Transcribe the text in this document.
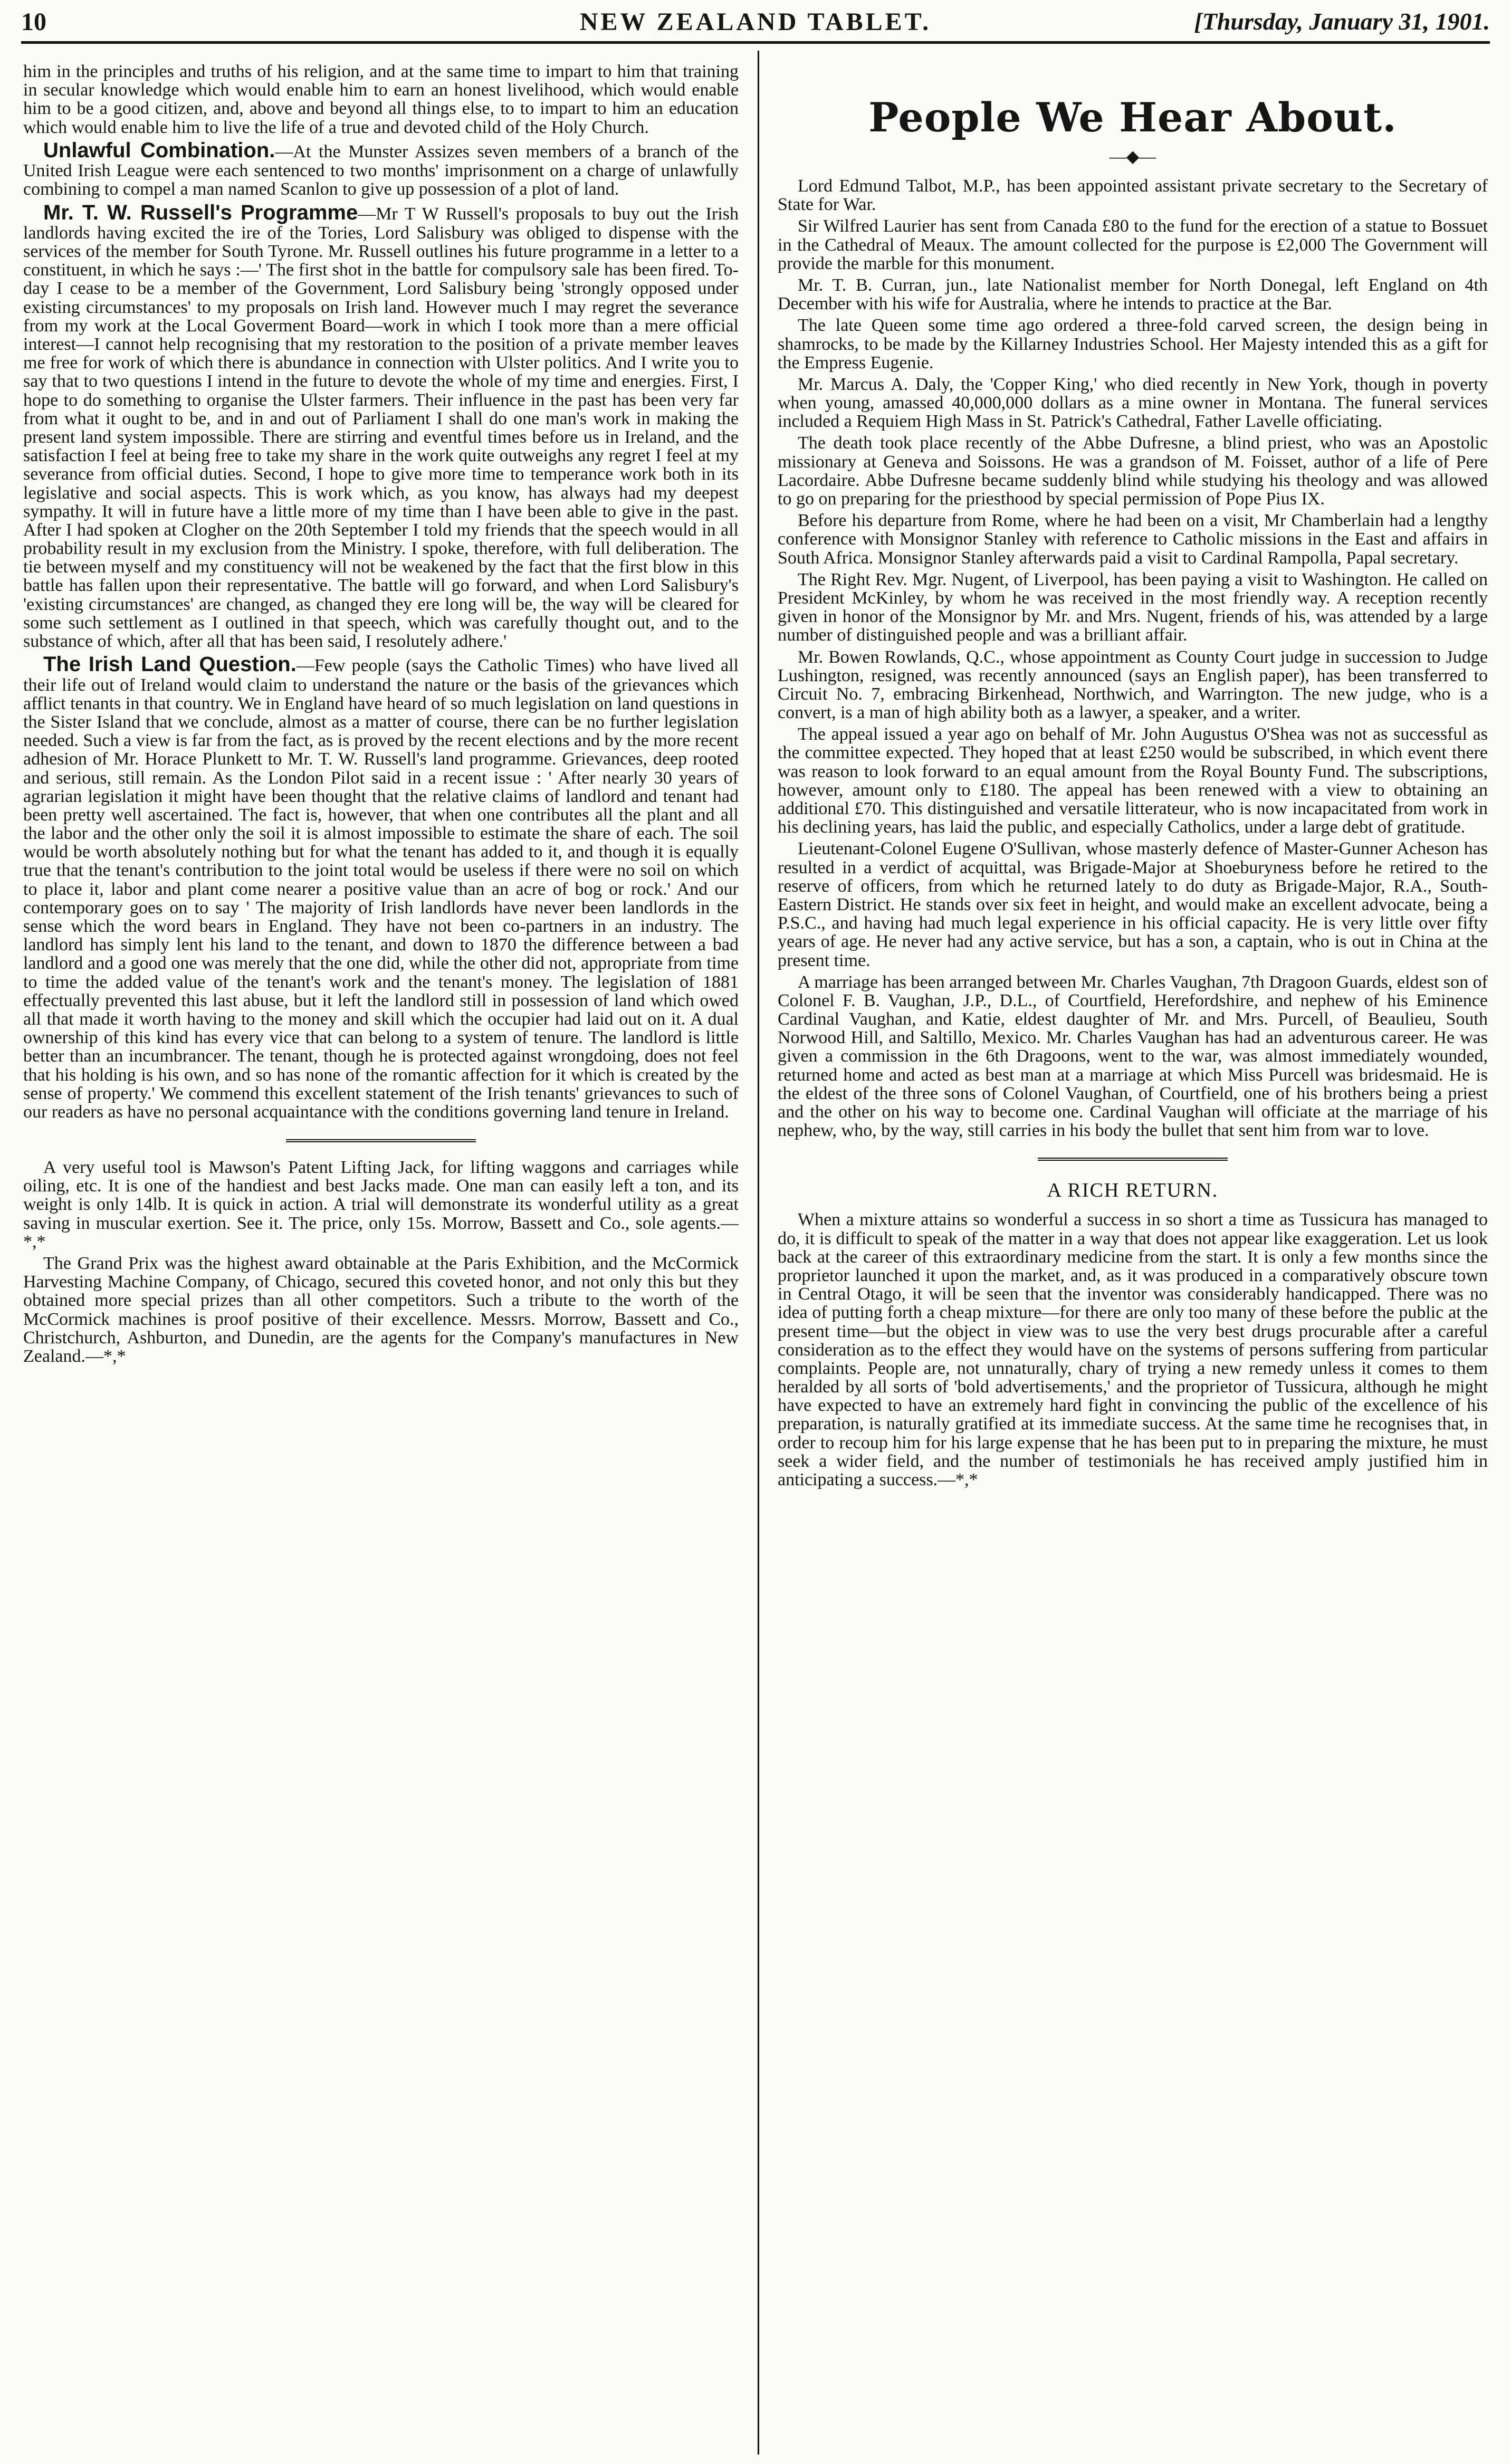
10	NEW ZEALAND TABLET.	[Thursday, January 31, 1901.

him in the principles and truths of his religion, and at the same time to impart to him that training in secular knowledge which would enable him to earn an honest livelihood, which would enable him to be a good citizen, and, above and beyond all things else, to to impart to him an education which would enable him to live the life of a true and devoted child of the Holy Church.

Unlawful Combination.—At the Munster Assizes seven members of a branch of the United Irish League were each sentenced to two months' imprisonment on a charge of unlawfully combining to compel a man named Scanlon to give up possession of a plot of land.

Mr. T. W. Russell's Programme—Mr T W Russell's proposals to buy out the Irish landlords having excited the ire of the Tories, Lord Salisbury was obliged to dispense with the services of the member for South Tyrone. Mr. Russell outlines his future programme in a letter to a constituent, in which he says :—' The first shot in the battle for compulsory sale has been fired. To-day I cease to be a member of the Government, Lord Salisbury being 'strongly opposed under existing circumstances' to my proposals on Irish land. However much I may regret the severance from my work at the Local Goverment Board—work in which I took more than a mere official interest—I cannot help recognising that my restoration to the position of a private member leaves me free for work of which there is abundance in connection with Ulster politics. And I write you to say that to two questions I intend in the future to devote the whole of my time and energies. First, I hope to do something to organise the Ulster farmers. Their influence in the past has been very far from what it ought to be, and in and out of Parliament I shall do one man's work in making the present land system impossible. There are stirring and eventful times before us in Ireland, and the satisfaction I feel at being free to take my share in the work quite outweighs any regret I feel at my severance from official duties. Second, I hope to give more time to temperance work both in its legislative and social aspects. This is work which, as you know, has always had my deepest sympathy. It will in future have a little more of my time than I have been able to give in the past. After I had spoken at Clogher on the 20th September I told my friends that the speech would in all probability result in my exclusion from the Ministry. I spoke, therefore, with full deliberation. The tie between myself and my constituency will not be weakened by the fact that the first blow in this battle has fallen upon their representative. The battle will go forward, and when Lord Salisbury's 'existing circumstances' are changed, as changed they ere long will be, the way will be cleared for some such settlement as I outlined in that speech, which was carefully thought out, and to the substance of which, after all that has been said, I resolutely adhere.'

The Irish Land Question.—Few people (says the Catholic Times) who have lived all their life out of Ireland would claim to understand the nature or the basis of the grievances which afflict tenants in that country. We in England have heard of so much legislation on land questions in the Sister Island that we conclude, almost as a matter of course, there can be no further legislation needed. Such a view is far from the fact, as is proved by the recent elections and by the more recent adhesion of Mr. Horace Plunkett to Mr. T. W. Russell's land programme. Grievances, deep rooted and serious, still remain. As the London Pilot said in a recent issue : ' After nearly 30 years of agrarian legislation it might have been thought that the relative claims of landlord and tenant had been pretty well ascertained. The fact is, however, that when one contributes all the plant and all the labor and the other only the soil it is almost impossible to estimate the share of each. The soil would be worth absolutely nothing but for what the tenant has added to it, and though it is equally true that the tenant's contribution to the joint total would be useless if there were no soil on which to place it, labor and plant come nearer a positive value than an acre of bog or rock.' And our contemporary goes on to say ' The majority of Irish landlords have never been landlords in the sense which the word bears in England. They have not been co-partners in an industry. The landlord has simply lent his land to the tenant, and down to 1870 the difference between a bad landlord and a good one was merely that the one did, while the other did not, appropriate from time to time the added value of the tenant's work and the tenant's money. The legislation of 1881 effectually prevented this last abuse, but it left the landlord still in possession of land which owed all that made it worth having to the money and skill which the occupier had laid out on it. A dual ownership of this kind has every vice that can belong to a system of tenure. The landlord is little better than an incumbrancer. The tenant, though he is protected against wrongdoing, does not feel that his holding is his own, and so has none of the romantic affection for it which is created by the sense of property.' We commend this excellent statement of the Irish tenants' grievances to such of our readers as have no personal acquaintance with the conditions governing land tenure in Ireland.

A very useful tool is Mawson's Patent Lifting Jack, for lifting waggons and carriages while oiling, etc. It is one of the handiest and best Jacks made. One man can easily left a ton, and its weight is only 14lb. It is quick in action. A trial will demonstrate its wonderful utility as a great saving in muscular exertion. See it. The price, only 15s. Morrow, Bassett and Co., sole agents.—*,*

The Grand Prix was the highest award obtainable at the Paris Exhibition, and the McCormick Harvesting Machine Company, of Chicago, secured this coveted honor, and not only this but they obtained more special prizes than all other competitors. Such a tribute to the worth of the McCormick machines is proof positive of their excellence. Messrs. Morrow, Bassett and Co., Christchurch, Ashburton, and Dunedin, are the agents for the Company's manufactures in New Zealand.—*,*

People We Hear About.
—◆—

Lord Edmund Talbot, M.P., has been appointed assistant private secretary to the Secretary of State for War.

Sir Wilfred Laurier has sent from Canada £80 to the fund for the erection of a statue to Bossuet in the Cathedral of Meaux. The amount collected for the purpose is £2,000 The Government will provide the marble for this monument.

Mr. T. B. Curran, jun., late Nationalist member for North Donegal, left England on 4th December with his wife for Australia, where he intends to practice at the Bar.

The late Queen some time ago ordered a three-fold carved screen, the design being in shamrocks, to be made by the Killarney Industries School. Her Majesty intended this as a gift for the Empress Eugenie.

Mr. Marcus A. Daly, the 'Copper King,' who died recently in New York, though in poverty when young, amassed 40,000,000 dollars as a mine owner in Montana. The funeral services included a Requiem High Mass in St. Patrick's Cathedral, Father Lavelle officiating.

The death took place recently of the Abbe Dufresne, a blind priest, who was an Apostolic missionary at Geneva and Soissons. He was a grandson of M. Foisset, author of a life of Pere Lacordaire. Abbe Dufresne became suddenly blind while studying his theology and was allowed to go on preparing for the priesthood by special permission of Pope Pius IX.

Before his departure from Rome, where he had been on a visit, Mr Chamberlain had a lengthy conference with Monsignor Stanley with reference to Catholic missions in the East and affairs in South Africa. Monsignor Stanley afterwards paid a visit to Cardinal Rampolla, Papal secretary.

The Right Rev. Mgr. Nugent, of Liverpool, has been paying a visit to Washington. He called on President McKinley, by whom he was received in the most friendly way. A reception recently given in honor of the Monsignor by Mr. and Mrs. Nugent, friends of his, was attended by a large number of distinguished people and was a brilliant affair.

Mr. Bowen Rowlands, Q.C., whose appointment as County Court judge in succession to Judge Lushington, resigned, was recently announced (says an English paper), has been transferred to Circuit No. 7, embracing Birkenhead, Northwich, and Warrington. The new judge, who is a convert, is a man of high ability both as a lawyer, a speaker, and a writer.

The appeal issued a year ago on behalf of Mr. John Augustus O'Shea was not as successful as the committee expected. They hoped that at least £250 would be subscribed, in which event there was reason to look forward to an equal amount from the Royal Bounty Fund. The subscriptions, however, amount only to £180. The appeal has been renewed with a view to obtaining an additional £70. This distinguished and versatile litterateur, who is now incapacitated from work in his declining years, has laid the public, and especially Catholics, under a large debt of gratitude.

Lieutenant-Colonel Eugene O'Sullivan, whose masterly defence of Master-Gunner Acheson has resulted in a verdict of acquittal, was Brigade-Major at Shoeburyness before he retired to the reserve of officers, from which he returned lately to do duty as Brigade-Major, R.A., South-Eastern District. He stands over six feet in height, and would make an excellent advocate, being a P.S.C., and having had much legal experience in his official capacity. He is very little over fifty years of age. He never had any active service, but has a son, a captain, who is out in China at the present time.

A marriage has been arranged between Mr. Charles Vaughan, 7th Dragoon Guards, eldest son of Colonel F. B. Vaughan, J.P., D.L., of Courtfield, Herefordshire, and nephew of his Eminence Cardinal Vaughan, and Katie, eldest daughter of Mr. and Mrs. Purcell, of Beaulieu, South Norwood Hill, and Saltillo, Mexico. Mr. Charles Vaughan has had an adventurous career. He was given a commission in the 6th Dragoons, went to the war, was almost immediately wounded, returned home and acted as best man at a marriage at which Miss Purcell was bridesmaid. He is the eldest of the three sons of Colonel Vaughan, of Courtfield, one of his brothers being a priest and the other on his way to become one. Cardinal Vaughan will officiate at the marriage of his nephew, who, by the way, still carries in his body the bullet that sent him from war to love.

A RICH RETURN.

When a mixture attains so wonderful a success in so short a time as Tussicura has managed to do, it is difficult to speak of the matter in a way that does not appear like exaggeration. Let us look back at the career of this extraordinary medicine from the start. It is only a few months since the proprietor launched it upon the market, and, as it was produced in a comparatively obscure town in Central Otago, it will be seen that the inventor was considerably handicapped. There was no idea of putting forth a cheap mixture—for there are only too many of these before the public at the present time—but the object in view was to use the very best drugs procurable after a careful consideration as to the effect they would have on the systems of persons suffering from particular complaints. People are, not unnaturally, chary of trying a new remedy unless it comes to them heralded by all sorts of 'bold advertisements,' and the proprietor of Tussicura, although he might have expected to have an extremely hard fight in convincing the public of the excellence of his preparation, is naturally gratified at its immediate success. At the same time he recognises that, in order to recoup him for his large expense that he has been put to in preparing the mixture, he must seek a wider field, and the number of testimonials he has received amply justified him in anticipating a success.—*,*
